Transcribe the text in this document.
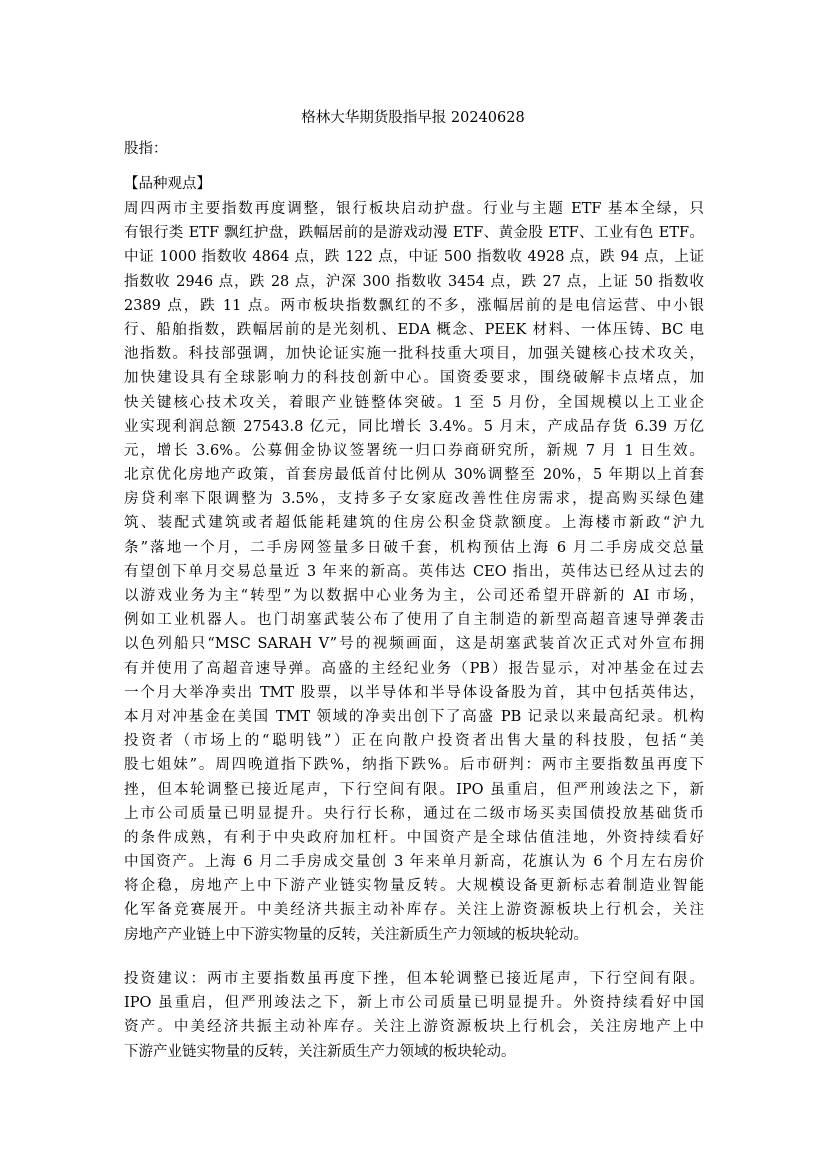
格林大华期货股指早报 20240628
股指：
【品种观点】
周四两市主要指数再度调整，银行板块启动护盘。行业与主题 ETF 基本全绿，只
有银行类 ETF 飘红护盘，跌幅居前的是游戏动漫 ETF、黄金股 ETF、工业有色 ETF。
中证 1000 指数收 4864 点，跌 122 点，中证 500 指数收 4928 点，跌 94 点，上证
指数收 2946 点，跌 28 点，沪深 300 指数收 3454 点，跌 27 点，上证 50 指数收
2389 点，跌 11 点。两市板块指数飘红的不多，涨幅居前的是电信运营、中小银
行、船舶指数，跌幅居前的是光刻机、EDA 概念、PEEK 材料、一体压铸、BC 电
池指数。科技部强调，加快论证实施一批科技重大项目，加强关键核心技术攻关，
加快建设具有全球影响力的科技创新中心。国资委要求，围绕破解卡点堵点，加
快关键核心技术攻关，着眼产业链整体突破。1 至 5 月份，全国规模以上工业企
业实现利润总额 27543.8 亿元，同比增长 3.4%。5 月末，产成品存货 6.39 万亿
元，增长 3.6%。公募佣金协议签署统一归口券商研究所，新规 7 月 1 日生效。
北京优化房地产政策，首套房最低首付比例从 30%调整至 20%，5 年期以上首套
房贷利率下限调整为 3.5%，支持多子女家庭改善性住房需求，提高购买绿色建
筑、装配式建筑或者超低能耗建筑的住房公积金贷款额度。上海楼市新政“沪九
条”落地一个月，二手房网签量多日破千套，机构预估上海 6 月二手房成交总量
有望创下单月交易总量近 3 年来的新高。英伟达 CEO 指出，英伟达已经从过去的
以游戏业务为主“转型”为以数据中心业务为主，公司还希望开辟新的 AI 市场，
例如工业机器人。也门胡塞武装公布了使用了自主制造的新型高超音速导弹袭击
以色列船只“MSC SARAH V”号的视频画面，这是胡塞武装首次正式对外宣布拥
有并使用了高超音速导弹。高盛的主经纪业务（PB）报告显示，对冲基金在过去
一个月大举净卖出 TMT 股票，以半导体和半导体设备股为首，其中包括英伟达，
本月对冲基金在美国 TMT 领域的净卖出创下了高盛 PB 记录以来最高纪录。机构
投资者（市场上的“聪明钱”）正在向散户投资者出售大量的科技股，包括“美
股七姐妹”。周四晚道指下跌%，纳指下跌%。后市研判：两市主要指数虽再度下
挫，但本轮调整已接近尾声，下行空间有限。IPO 虽重启，但严刑竣法之下，新
上市公司质量已明显提升。央行行长称，通过在二级市场买卖国债投放基础货币
的条件成熟，有利于中央政府加杠杆。中国资产是全球估值洼地，外资持续看好
中国资产。上海 6 月二手房成交量创 3 年来单月新高，花旗认为 6 个月左右房价
将企稳，房地产上中下游产业链实物量反转。大规模设备更新标志着制造业智能
化军备竞赛展开。中美经济共振主动补库存。关注上游资源板块上行机会，关注
房地产产业链上中下游实物量的反转，关注新质生产力领域的板块轮动。
投资建议：两市主要指数虽再度下挫，但本轮调整已接近尾声，下行空间有限。
IPO 虽重启，但严刑竣法之下，新上市公司质量已明显提升。外资持续看好中国
资产。中美经济共振主动补库存。关注上游资源板块上行机会，关注房地产上中
下游产业链实物量的反转，关注新质生产力领域的板块轮动。
